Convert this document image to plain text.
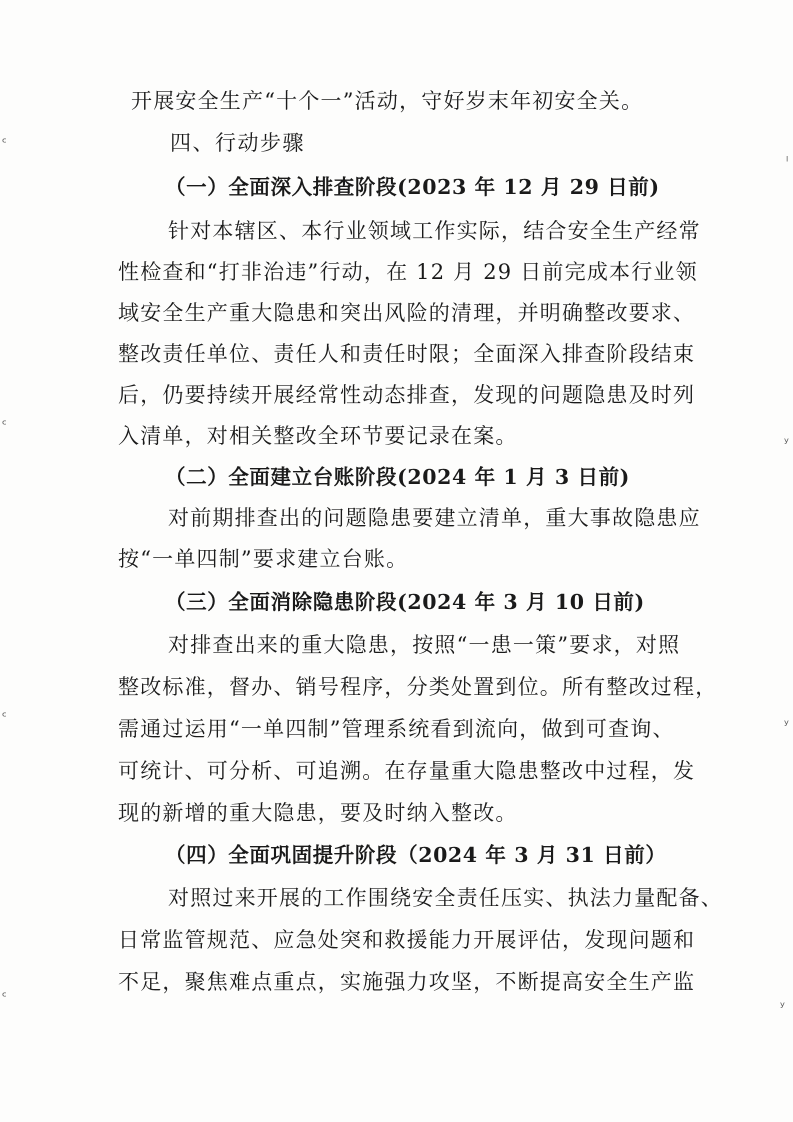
开展安全生产“十个一”活动，守好岁末年初安全关。
四、行动步骤
（一）全面深入排查阶段(2023 年 12 月 29 日前)
针对本辖区、本行业领域工作实际，结合安全生产经常
性检查和“打非治违”行动，在 12 月 29 日前完成本行业领
域安全生产重大隐患和突出风险的清理，并明确整改要求、
整改责任单位、责任人和责任时限；全面深入排查阶段结束
后，仍要持续开展经常性动态排查，发现的问题隐患及时列
入清单，对相关整改全环节要记录在案。
（二）全面建立台账阶段(2024 年 1 月 3 日前)
对前期排查出的问题隐患要建立清单，重大事故隐患应
按“一单四制”要求建立台账。
（三）全面消除隐患阶段(2024 年 3 月 10 日前)
对排查出来的重大隐患，按照“一患一策”要求，对照
整改标准，督办、销号程序，分类处置到位。所有整改过程，
需通过运用“一单四制”管理系统看到流向，做到可查询、
可统计、可分析、可追溯。在存量重大隐患整改中过程，发
现的新增的重大隐患，要及时纳入整改。
（四）全面巩固提升阶段（2024 年 3 月 31 日前）
对照过来开展的工作围绕安全责任压实、执法力量配备、
日常监管规范、应急处突和救援能力开展评估，发现问题和
不足，聚焦难点重点，实施强力攻坚，不断提高安全生产监
ᶜ
ᶜ
ᶜ
ᶜ
ˡ
ʸ
ʸ
ʸ
